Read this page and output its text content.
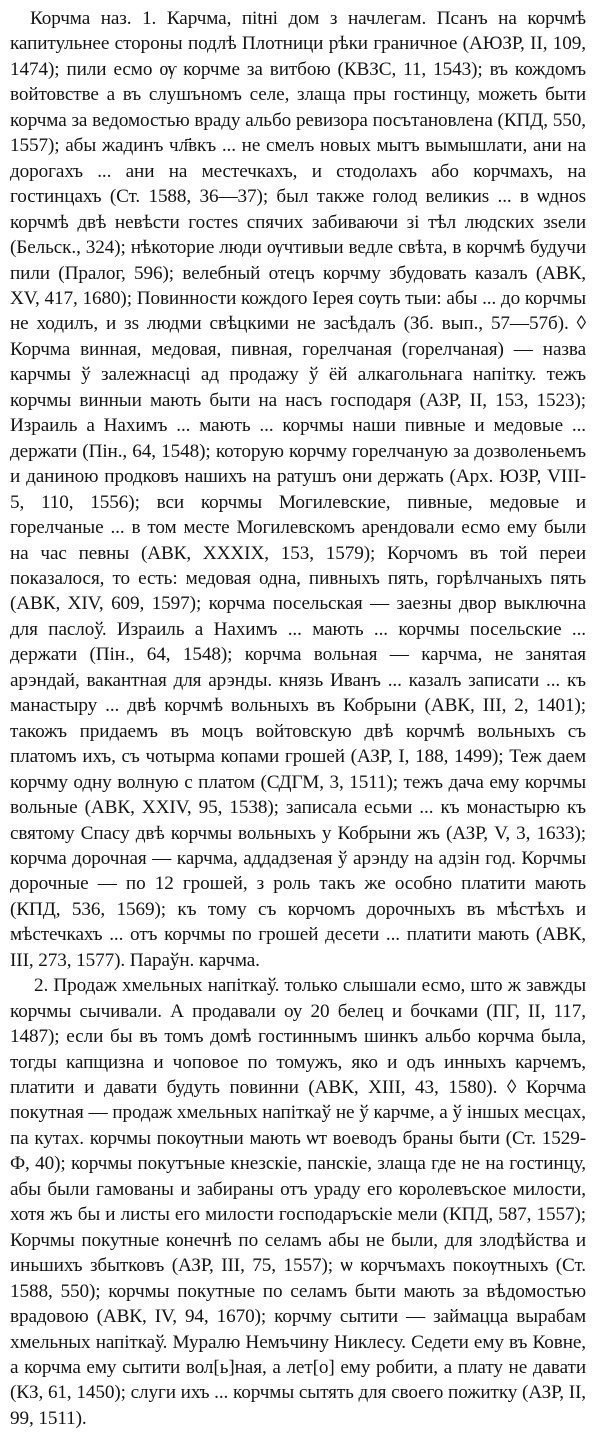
Корчма наз. 1. Карчма, піtні дом з начлегам. Псанъ на корчмѣ капитульнее стороны подлѣ Плотници рѣки граничное (АЮЗР, II, 109, 1474); пили есмо ѹ корчме за витбою (КВЗС, 11, 1543); въ кождомъ войтовстве а въ слушъномъ селе, злаща пры гостинцу, можеть быти корчма за ведомостью враду альбо ревизора посътановлена (КПД, 550, 1557); абы жадинъ чл҃вкъ ... не смелъ новых мытъ вымышлати, ани на дорогахъ ... ани на местечкахъ, и стодолахъ або корчмахъ, на гостинцахъ (Ст. 1588, 36—37); был также голод великиѕ ... в ѡдноѕ корчмѣ двѣ невѣсти гостеѕ спячих забиваючи зі тѣл людских зѕели (Бельск., 324); нѣкоторие люди ѹчтивыи ведле свѣта, в корчмѣ будучи пили (Пралог, 596); велебный отецъ корчму збудовать казалъ (АВК, XV, 417, 1680); Повинности кождого Іерея сѹть тыи: абы ... до корчмы не ходилъ, и зѕ людми свѣцкими не засѣдалъ (Зб. вып., 57—57б). ◊ Корчма винная, медовая, пивная, горелчаная (горелчаная) — назва карчмы ў залежнасці ад продажу ў ёй алкагольнага напітку. тежъ корчмы винныи мають быти на насъ господаря (АЗР, II, 153, 1523); Израиль а Нахимъ ... мають ... корчмы наши пивные и медовые ... держати (Пін., 64, 1548); которую корчму горелчаную за дозволеньемъ и даниною продковъ нашихъ на ратушъ они держать (Арх. ЮЗР, VIII-5, 110, 1556); вси корчмы Могилевские, пивные, медовые и горелчаные ... в том месте Могилевскомъ арендовали есмо ему были на час певны (АВК, XXXIX, 153, 1579); Корчомъ въ той переи показалося, то есть: медовая одна, пивныхъ пять, горѣлчаныхъ пять (АВК, XIV, 609, 1597); корчма посельская — заезны двор выключна для паслоў. Израиль а Нахимъ ... мають ... корчмы посельские ... держати (Пін., 64, 1548); корчма вольная — карчма, не занятая арэндай, вакантная для арэнды. князь Иванъ ... казалъ записати ... къ манастыру ... двѣ корчмѣ вольныхъ въ Кобрыни (АВК, III, 2, 1401); такожъ придаемъ въ моцъ войтовскую двѣ корчмѣ вольныхъ съ платомъ ихъ, съ чотырма копами грошей (АЗР, I, 188, 1499); Теж даем корчму одну волную с платом (СДГМ, 3, 1511); тежъ дача ему корчмы вольные (АВК, XXIV, 95, 1538); записала есьми ... къ монастырю къ святому Спасу двѣ корчмы вольныхъ у Кобрыни жъ (АЗР, V, 3, 1633); корчма дорочная — карчма, аддадзеная ў арэнду на адзін год. Корчмы дорочные — по 12 грошей, з роль такъ же особно платити мають (КПД, 536, 1569); къ тому съ корчомъ дорочныхъ въ мѣстѣхъ и мѣстечкахъ ... отъ корчмы по грошей десети ... платити мають (АВК, III, 273, 1577). Параўн. карчма.

2. Продаж хмельных напіткаў. только слышали есмо, што ж завжды корчмы сычивали. А продавали оу 20 белец и бочками (ПГ, II, 117, 1487); если бы въ томъ домѣ гостиннымъ шинкъ альбо корчма была, тогды капщизна и чоповое по томужъ, яко и одъ инныхъ карчемъ, платити и давати будуть повинни (АВК, XIII, 43, 1580). ◊ Корчма покутная — продаж хмельных напіткаў не ў карчме, а ў іншых месцах, па кутах. корчмы покѹтныи мають ѡт воеводъ браны быти (Ст. 1529-Ф, 40); корчмы покутъные кнезскіе, панскіе, злаща где не на гостинцу, абы были гамованы и забираны отъ ураду его королевъское милости, хотя жъ бы и листы его милости господаръскіе мели (КПД, 587, 1557); Корчмы покутные конечнѣ по селамъ абы не были, для злодѣйства и иньшихъ збытковъ (АЗР, III, 75, 1557); ѡ корчъмахъ покѹтныхъ (Ст. 1588, 550); корчмы покутные по селамъ быти мають за вѣдомостью врадовою (АВК, IV, 94, 1670); корчму сытити — займацца вырабам хмельных напіткаў. Муралю Немъчину Никлесу. Седети ему въ Ковне, а корчма ему сытити вол[ь]ная, а лет[о] ему робити, а плату не давати (КЗ, 61, 1450); слуги ихъ ... корчмы сытять для своего пожитку (АЗР, II, 99, 1511).
